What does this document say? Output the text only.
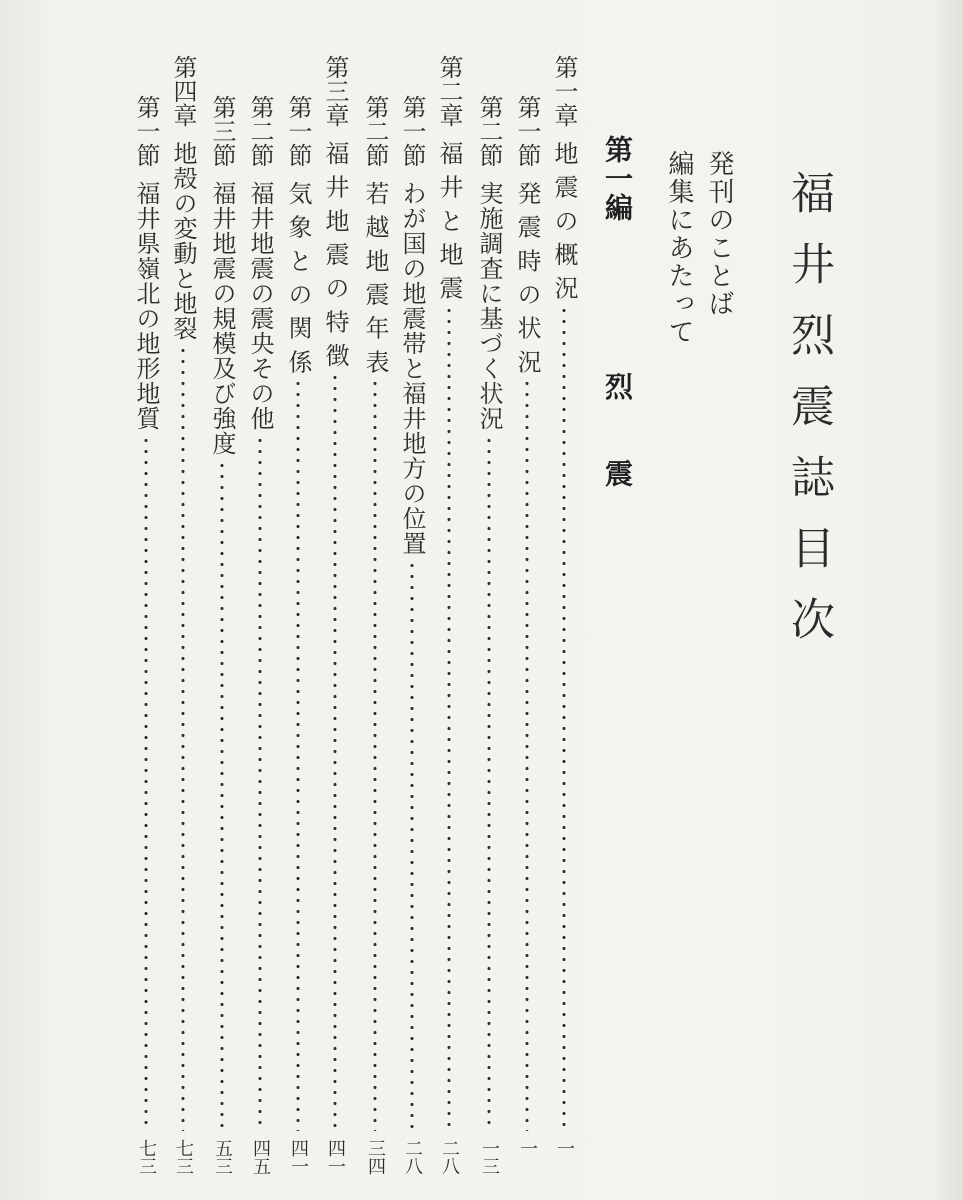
福井烈震誌目次
発刊のことば
編集にあたって
第一編烈　　震
第一章
地 震 の 概 況
一
第一節
発 震 時 の 状 況
一
第二節
実施調査に基づく状況
一三
第二章
福 井 と 地 震
二八
第一節
わが国の地震帯と福井地方の位置
二八
第二節
若 越 地 震 年 表
三四
第三章
福 井 地 震 の 特 徴
四一
第一節
気 象 と の 関 係
四一
第二節
福井地震の震央その他
四五
第三節
福井地震の規模及び強度
五三
第四章
地殻の変動と地裂
七三
第一節
福井県嶺北の地形地質
七三
